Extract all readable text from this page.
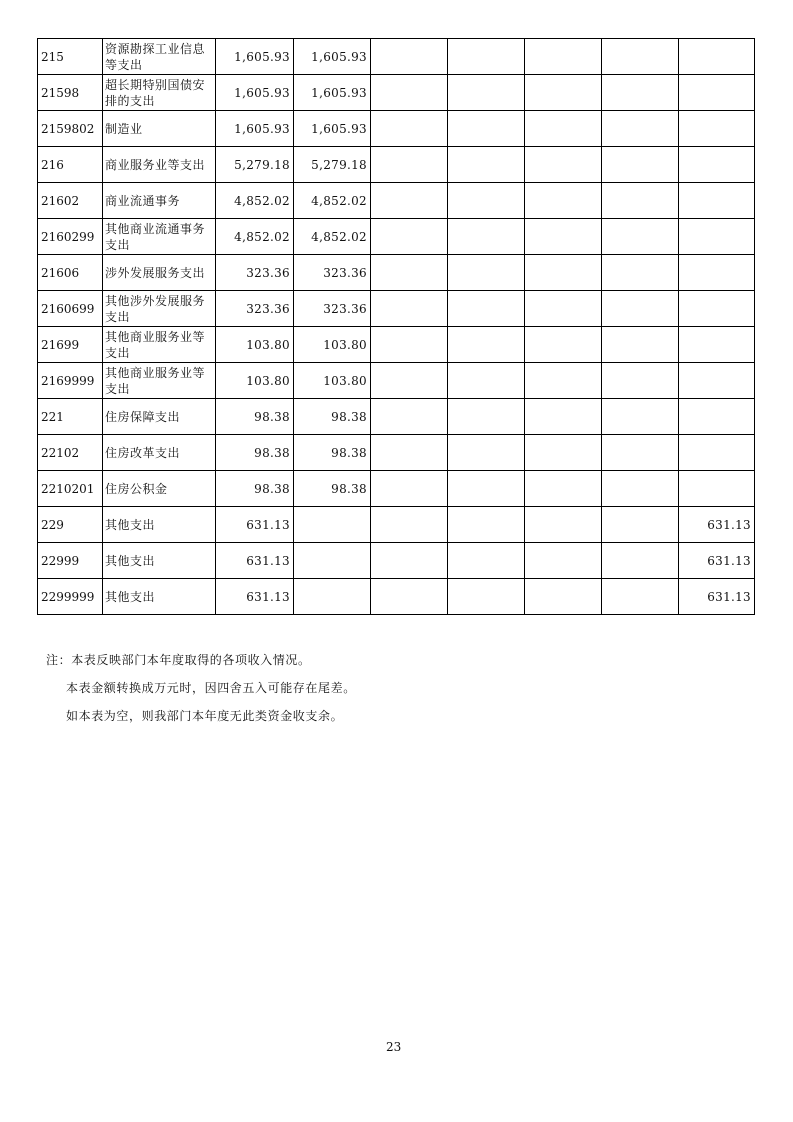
215	资源勘探工业信息等支出	1,605.93	1,605.93					
21598	超长期特别国债安排的支出	1,605.93	1,605.93					
2159802	制造业	1,605.93	1,605.93					
216	商业服务业等支出	5,279.18	5,279.18					
21602	商业流通事务	4,852.02	4,852.02					
2160299	其他商业流通事务支出	4,852.02	4,852.02					
21606	涉外发展服务支出	323.36	323.36					
2160699	其他涉外发展服务支出	323.36	323.36					
21699	其他商业服务业等支出	103.80	103.80					
2169999	其他商业服务业等支出	103.80	103.80					
221	住房保障支出	98.38	98.38					
22102	住房改革支出	98.38	98.38					
2210201	住房公积金	98.38	98.38					
229	其他支出	631.13						631.13
22999	其他支出	631.13						631.13
2299999	其他支出	631.13						631.13

注：本表反映部门本年度取得的各项收入情况。

本表金额转换成万元时，因四舍五入可能存在尾差。

如本表为空，则我部门本年度无此类资金收支余。

23
